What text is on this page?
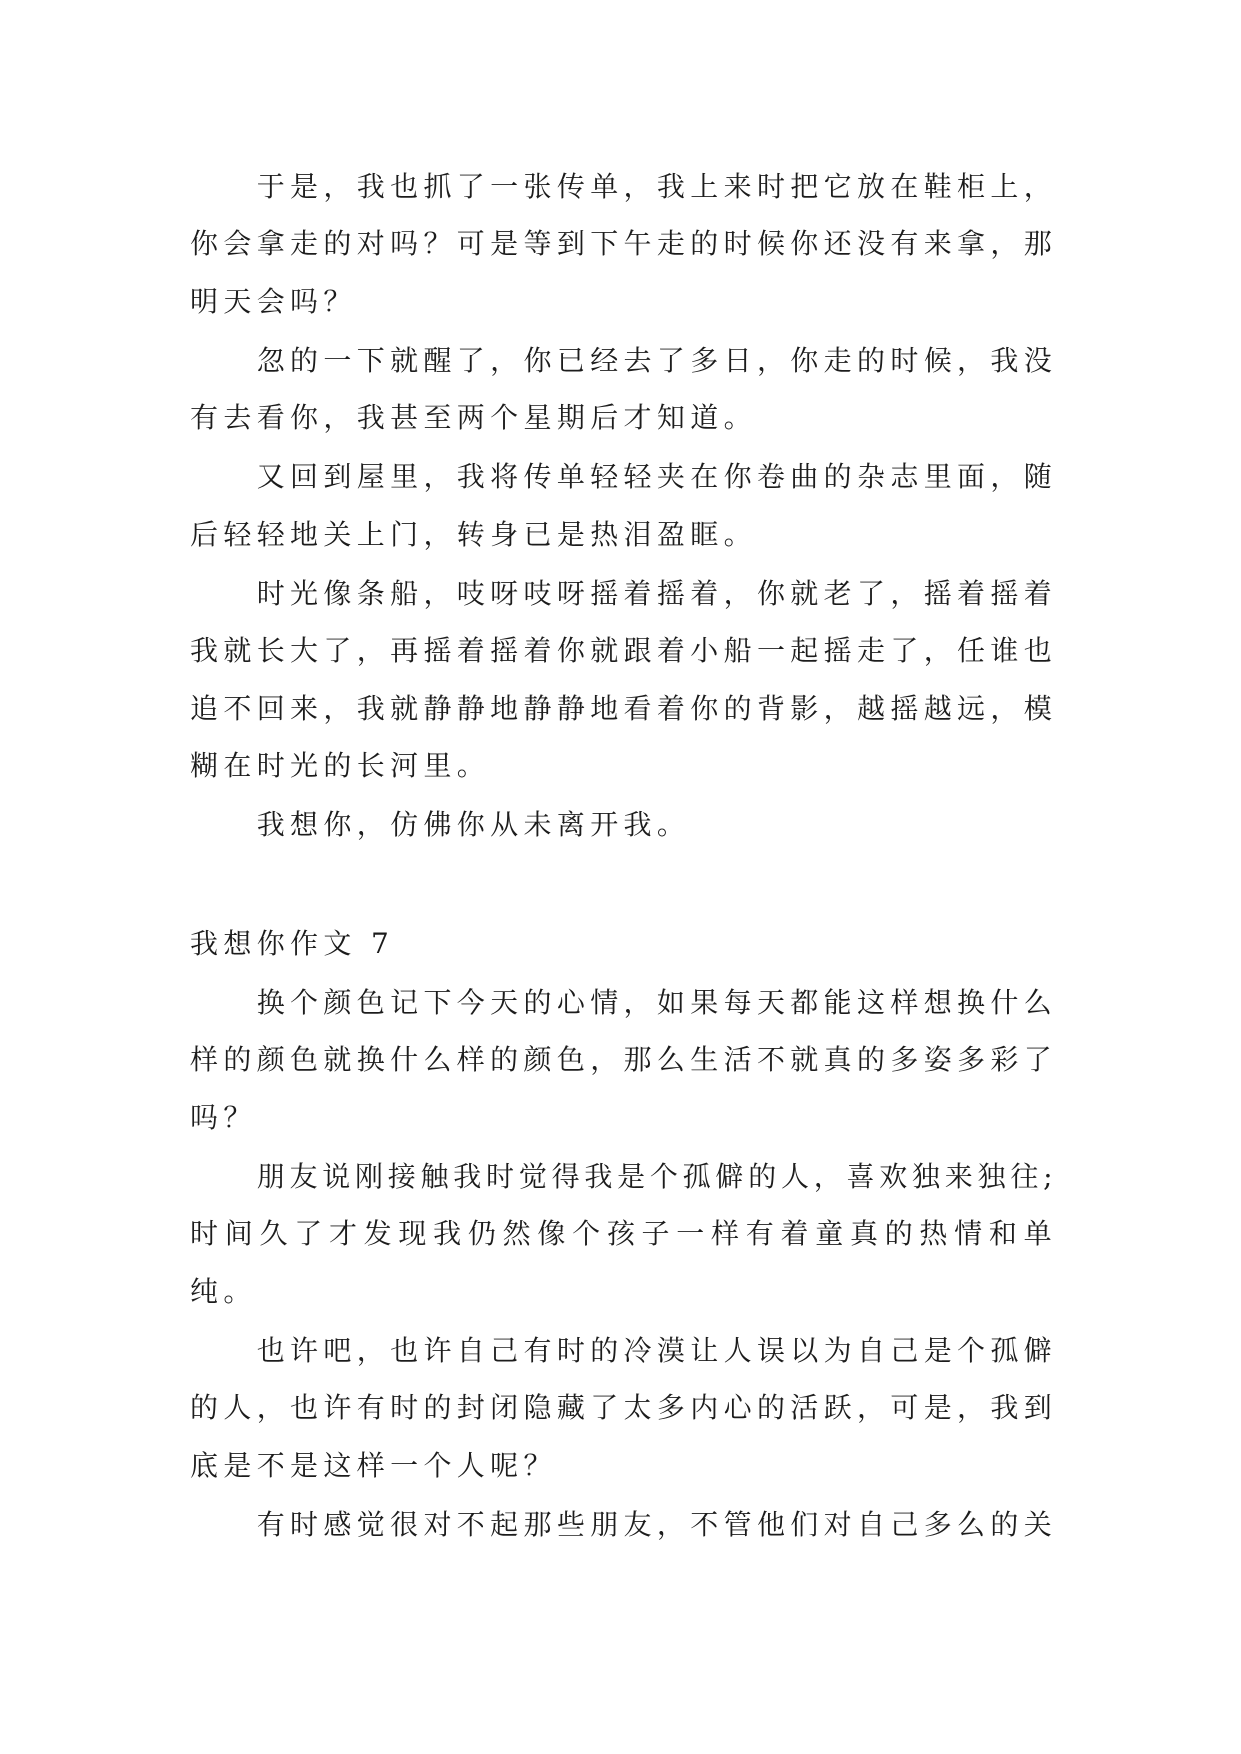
于是，我也抓了一张传单，我上来时把它放在鞋柜上，
你会拿走的对吗？可是等到下午走的时候你还没有来拿，那
明天会吗？
忽的一下就醒了，你已经去了多日，你走的时候，我没
有去看你，我甚至两个星期后才知道。
又回到屋里，我将传单轻轻夹在你卷曲的杂志里面，随
后轻轻地关上门，转身已是热泪盈眶。
时光像条船，吱呀吱呀摇着摇着，你就老了，摇着摇着
我就长大了，再摇着摇着你就跟着小船一起摇走了，任谁也
追不回来，我就静静地静静地看着你的背影，越摇越远，模
糊在时光的长河里。
我想你，仿佛你从未离开我。
我想你作文 7
换个颜色记下今天的心情，如果每天都能这样想换什么
样的颜色就换什么样的颜色，那么生活不就真的多姿多彩了
吗？
朋友说刚接触我时觉得我是个孤僻的人，喜欢独来独往;
时间久了才发现我仍然像个孩子一样有着童真的热情和单
纯。
也许吧，也许自己有时的冷漠让人误以为自己是个孤僻
的人，也许有时的封闭隐藏了太多内心的活跃，可是，我到
底是不是这样一个人呢？
有时感觉很对不起那些朋友，不管他们对自己多么的关
